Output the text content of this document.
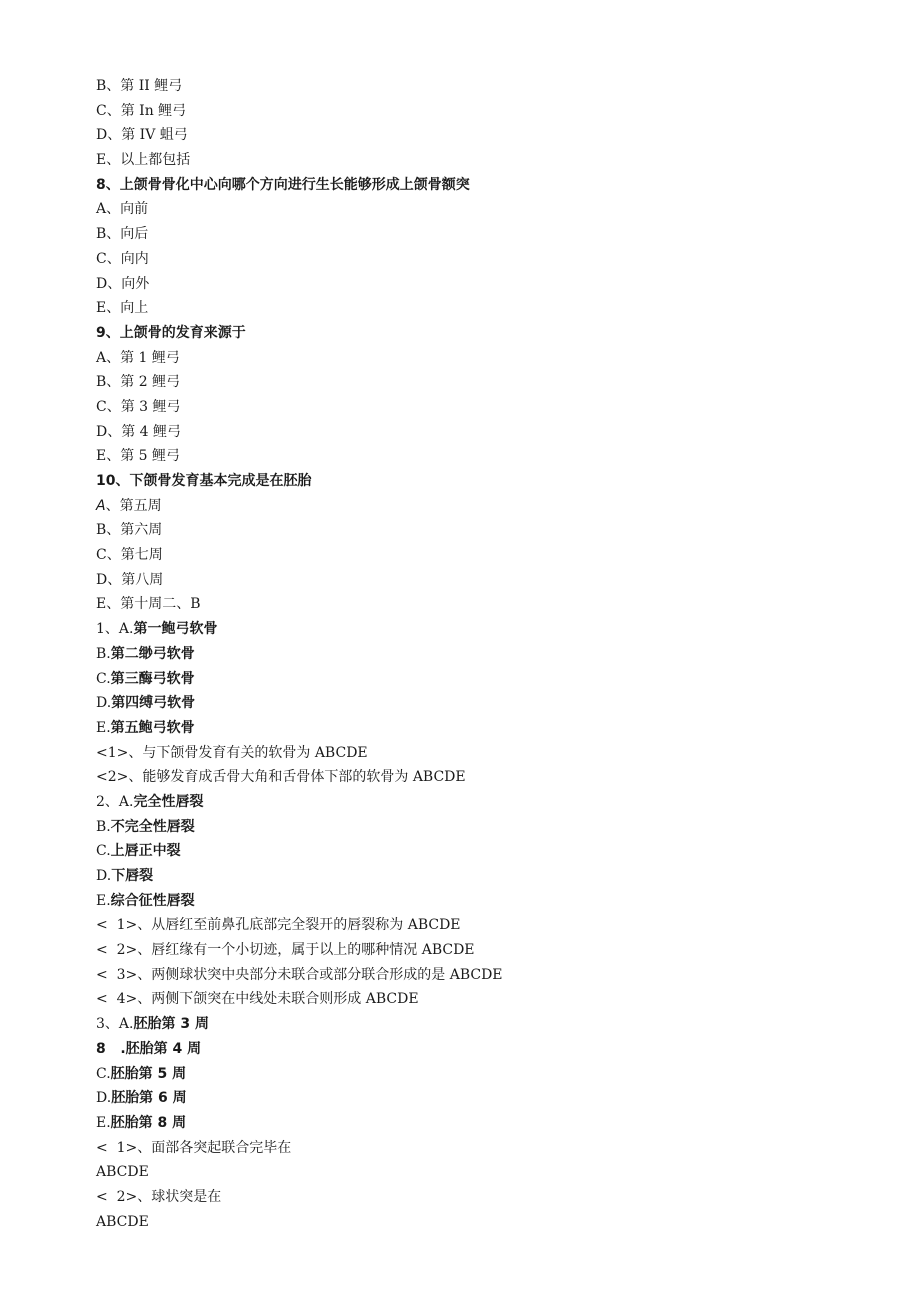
B、第 II 鲤弓
C、第 In 鲤弓
D、第 IV 蛆弓
E、以上都包括
8、上颌骨骨化中心向哪个方向进行生长能够形成上颌骨额突
A、向前
B、向后
C、向内
D、向外
E、向上
9、上颌骨的发育来源于
A、第 1 鲤弓
B、第 2 鲤弓
C、第 3 鲤弓
D、第 4 鲤弓
E、第 5 鲤弓
10、下颌骨发育基本完成是在胚胎
A、第五周
B、第六周
C、第七周
D、第八周
E、第十周二、B
1、A.第一鲍弓软骨
B.第二缈弓软骨
C.第三酶弓软骨
D.第四缚弓软骨
E.第五鲍弓软骨
<1>、与下颌骨发育有关的软骨为 ABCDE
<2>、能够发育成舌骨大角和舌骨体下部的软骨为 ABCDE
2、A.完全性唇裂
B.不完全性唇裂
C.上唇正中裂
D.下唇裂
E.综合征性唇裂
<  1>、从唇红至前鼻孔底部完全裂开的唇裂称为 ABCDE
<  2>、唇红缘有一个小切迹，属于以上的哪种情况 ABCDE
<  3>、两侧球状突中央部分未联合或部分联合形成的是 ABCDE
<  4>、两侧下颌突在中线处未联合则形成 ABCDE
3、A.胚胎第 3 周
8   .胚胎第 4 周
C.胚胎第 5 周
D.胚胎第 6 周
E.胚胎第 8 周
<  1>、面部各突起联合完毕在
ABCDE
<  2>、球状突是在
ABCDE
